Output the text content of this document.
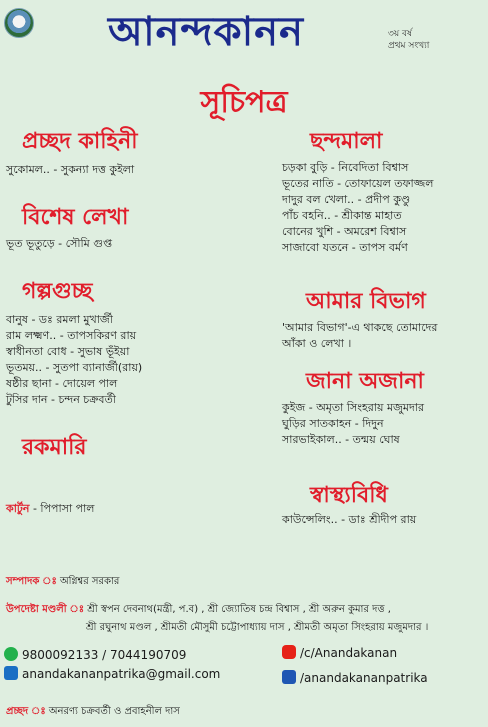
আনন্দকানন	৩য় বর্ষ
প্রথম সংখ্যা
সূচিপত্র
প্রচ্ছদ কাহিনী
সুকোমল.. - সুকন্যা দত্ত কুইলা
বিশেষ লেখা
ভূত ভূতুড়ে - সৌমি গুপ্ত
গল্পগুচ্ছ
বানুষ - ডঃ রমলা মুখার্জী
রাম লক্ষ্মণ.. - তাপসকিরণ রায়
স্বাধীনতা বোধ - সুভাষ ভূঁইয়া
ভূতময়.. - সুতপা ব্যানার্জী(রায়)
ষষ্ঠীর ছানা - দোয়েল পাল
টুসির দান - চন্দন চক্রবর্তী
রকমারি
কার্টুন - পিপাসা পাল
ছন্দমালা
চড়কা বুড়ি - নিবেদিতা বিশ্বাস
ভূতের নাতি - তোফায়েল তফাজ্জল
দাদুর বল খেলা.. - প্রদীপ কুণ্ডু
পাঁচ বহনি.. - শ্রীকান্ত মাহাত
বোনের খুশি - অমরেশ বিশ্বাস
সাজাবো যতনে - তাপস বর্মণ
আমার বিভাগ
'আমার বিভাগ'-এ থাকছে তোমাদের
আঁকা ও লেখা ।
জানা অজানা
কুইজ - অমৃতা সিংহরায় মজুমদার
ঘুড়ির সাতকাহন - দিদুন
সারভাইকাল.. - তন্ময় ঘোষ
স্বাস্থ্যবিধি
কাউন্সেলিং.. - ডাঃ শ্রীদীপ রায়
সম্পাদক ঃ অগ্নিশ্বর সরকার
উপদেষ্টা মণ্ডলী ঃ শ্রী স্বপন দেবনাথ(মন্ত্রী, প.ব) , শ্রী জ্যোতিষ চন্দ্র বিশ্বাস , শ্রী অরুন কুমার দত্ত ,
শ্রী রঘুনাথ মণ্ডল , শ্রীমতী মৌসুমী চট্টোপাধ্যায় দাস , শ্রীমতী অমৃতা সিংহরায় মজুমদার ।
9800092133 / 7044190709
anandakananpatrika@gmail.com
/c/Anandakanan
/anandakananpatrika
প্রচ্ছদ ঃ অনরণ্য চক্রবর্তী ও প্রবাহনীল দাস
